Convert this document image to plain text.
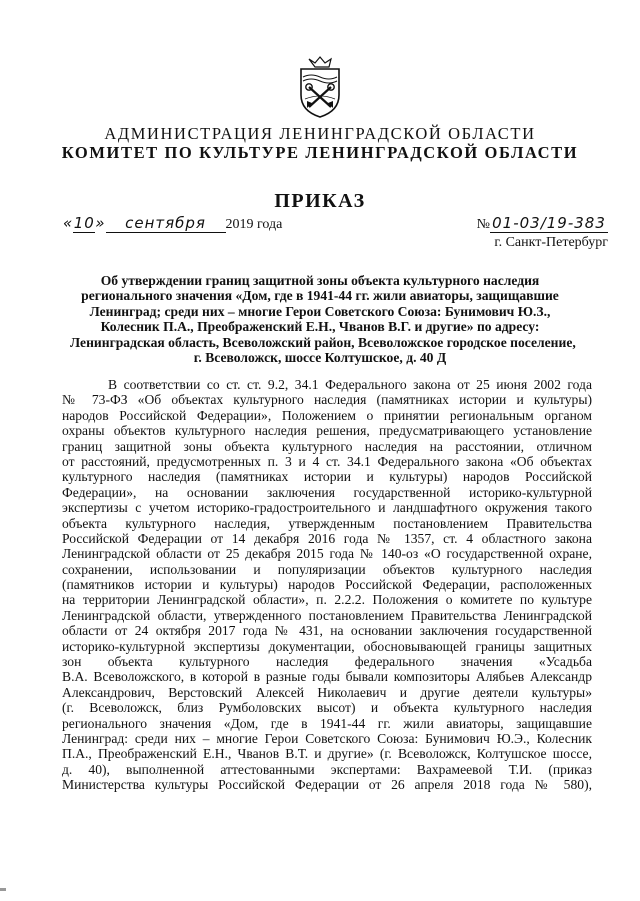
АДМИНИСТРАЦИЯ ЛЕНИНГРАДСКОЙ ОБЛАСТИ
КОМИТЕТ ПО КУЛЬТУРЕ ЛЕНИНГРАДСКОЙ ОБЛАСТИ
ПРИКАЗ
«10» сентября 2019 года	№ 01-03/19-383
г. Санкт-Петербург
Об утверждении границ защитной зоны объекта культурного наследия
регионального значения «Дом, где в 1941-44 гг. жили авиаторы, защищавшие
Ленинград; среди них – многие Герои Советского Союза: Бунимович Ю.З.,
Колесник П.А., Преображенский Е.Н., Чванов В.Г. и другие» по адресу:
Ленинградская область, Всеволожский район, Всеволожское городское поселение,
г. Всеволожск, шоссе Колтушское, д. 40 Д
В соответствии со ст. ст. 9.2, 34.1 Федерального закона от 25 июня 2002 года
№ 73-ФЗ «Об объектах культурного наследия (памятниках истории и культуры)
народов Российской Федерации», Положением о принятии региональным органом
охраны объектов культурного наследия решения, предусматривающего установление
границ защитной зоны объекта культурного наследия на расстоянии, отличном
от расстояний, предусмотренных п. 3 и 4 ст. 34.1 Федерального закона «Об объектах
культурного наследия (памятниках истории и культуры) народов Российской
Федерации», на основании заключения государственной историко-культурной
экспертизы с учетом историко-градостроительного и ландшафтного окружения такого
объекта культурного наследия, утвержденным постановлением Правительства
Российской Федерации от 14 декабря 2016 года № 1357, ст. 4 областного закона
Ленинградской области от 25 декабря 2015 года № 140-оз «О государственной охране,
сохранении, использовании и популяризации объектов культурного наследия
(памятников истории и культуры) народов Российской Федерации, расположенных
на территории Ленинградской области», п. 2.2.2. Положения о комитете по культуре
Ленинградской области, утвержденного постановлением Правительства Ленинградской
области от 24 октября 2017 года № 431, на основании заключения государственной
историко-культурной экспертизы документации, обосновывающей границы защитных
зон объекта культурного наследия федерального значения «Усадьба
В.А. Всеволожского, в которой в разные годы бывали композиторы Алябьев Александр
Александрович, Верстовский Алексей Николаевич и другие деятели культуры»
(г. Всеволожск, близ Румболовских высот) и объекта культурного наследия
регионального значения «Дом, где в 1941-44 гг. жили авиаторы, защищавшие
Ленинград: среди них – многие Герои Советского Союза: Бунимович Ю.Э., Колесник
П.А., Преображенский Е.Н., Чванов В.Т. и другие» (г. Всеволожск, Колтушское шоссе,
д. 40), выполненной аттестованными экспертами: Вахрамеевой Т.И. (приказ
Министерства культуры Российской Федерации от 26 апреля 2018 года № 580),
